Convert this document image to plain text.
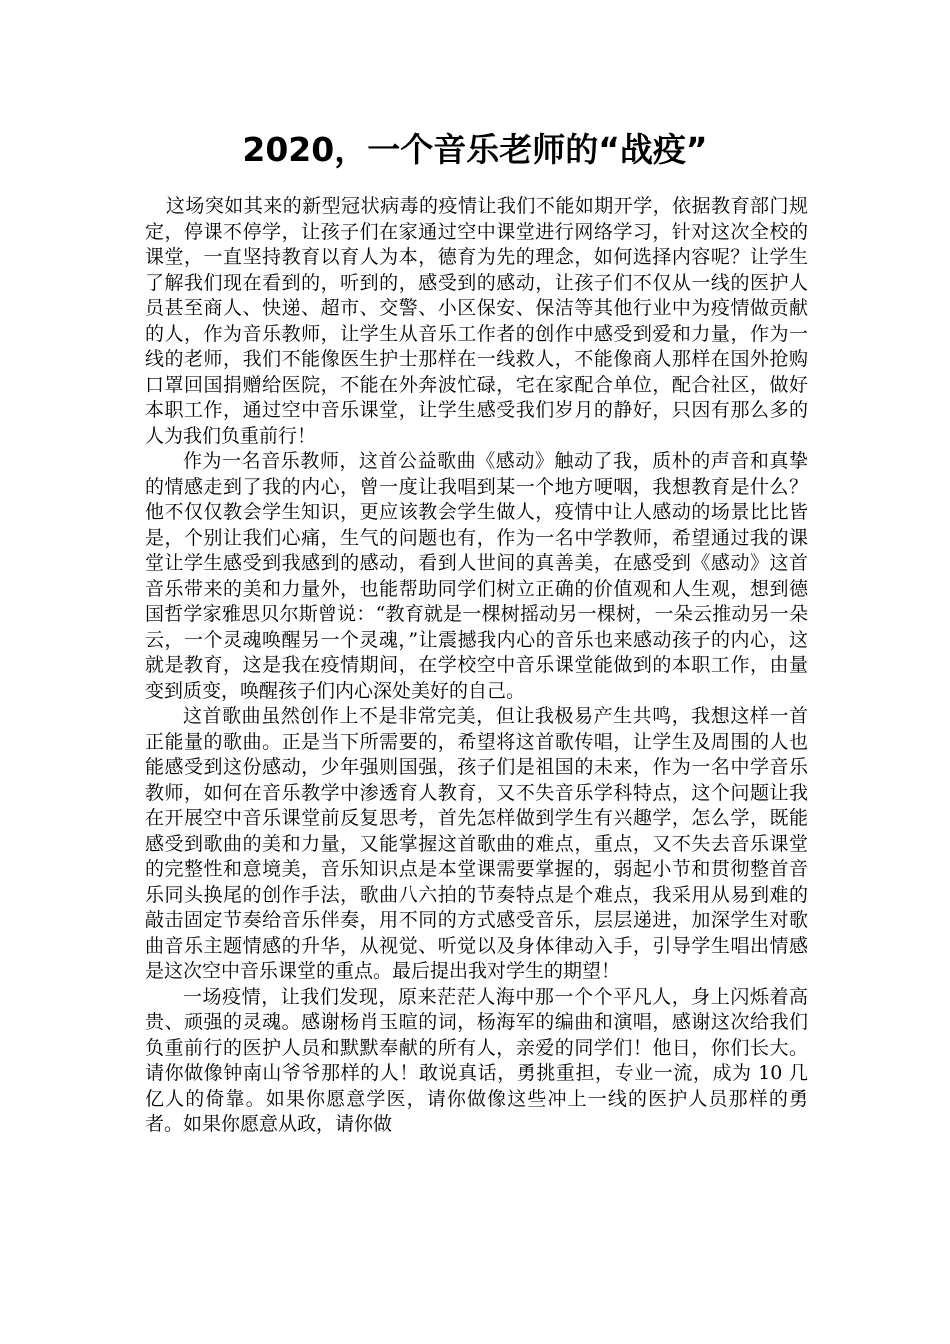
2020，一个音乐老师的“战疫”

这场突如其来的新型冠状病毒的疫情让我们不能如期开学，依据教育部门规定，停课不停学，让孩子们在家通过空中课堂进行网络学习，针对这次全校的课堂，一直坚持教育以育人为本，德育为先的理念，如何选择内容呢？让学生了解我们现在看到的，听到的，感受到的感动，让孩子们不仅从一线的医护人员甚至商人、快递、超市、交警、小区保安、保洁等其他行业中为疫情做贡献的人，作为音乐教师，让学生从音乐工作者的创作中感受到爱和力量，作为一线的老师，我们不能像医生护士那样在一线救人，不能像商人那样在国外抢购口罩回国捐赠给医院，不能在外奔波忙碌，宅在家配合单位，配合社区，做好本职工作，通过空中音乐课堂，让学生感受我们岁月的静好，只因有那么多的人为我们负重前行！

作为一名音乐教师，这首公益歌曲《感动》触动了我，质朴的声音和真挚的情感走到了我的内心，曾一度让我唱到某一个地方哽咽，我想教育是什么？他不仅仅教会学生知识，更应该教会学生做人，疫情中让人感动的场景比比皆是，个别让我们心痛，生气的问题也有，作为一名中学教师，希望通过我的课堂让学生感受到我感到的感动，看到人世间的真善美，在感受到《感动》这首音乐带来的美和力量外，也能帮助同学们树立正确的价值观和人生观，想到德国哲学家雅思贝尔斯曾说：“教育就是一棵树摇动另一棵树，一朵云推动另一朵云，一个灵魂唤醒另一个灵魂，”让震撼我内心的音乐也来感动孩子的内心，这就是教育，这是我在疫情期间，在学校空中音乐课堂能做到的本职工作，由量变到质变，唤醒孩子们内心深处美好的自己。

这首歌曲虽然创作上不是非常完美，但让我极易产生共鸣，我想这样一首正能量的歌曲。正是当下所需要的，希望将这首歌传唱，让学生及周围的人也能感受到这份感动，少年强则国强，孩子们是祖国的未来，作为一名中学音乐教师，如何在音乐教学中渗透育人教育，又不失音乐学科特点，这个问题让我在开展空中音乐课堂前反复思考，首先怎样做到学生有兴趣学，怎么学，既能感受到歌曲的美和力量，又能掌握这首歌曲的难点，重点，又不失去音乐课堂的完整性和意境美，音乐知识点是本堂课需要掌握的，弱起小节和贯彻整首音乐同头换尾的创作手法，歌曲八六拍的节奏特点是个难点，我采用从易到难的敲击固定节奏给音乐伴奏，用不同的方式感受音乐，层层递进，加深学生对歌曲音乐主题情感的升华，从视觉、听觉以及身体律动入手，引导学生唱出情感是这次空中音乐课堂的重点。最后提出我对学生的期望！

一场疫情，让我们发现，原来茫茫人海中那一个个平凡人，身上闪烁着高贵、顽强的灵魂。感谢杨肖玉暄的词，杨海军的编曲和演唱，感谢这次给我们负重前行的医护人员和默默奉献的所有人，亲爱的同学们！他日，你们长大。请你做像钟南山爷爷那样的人！敢说真话，勇挑重担，专业一流，成为 10 几亿人的倚靠。如果你愿意学医，请你做像这些冲上一线的医护人员那样的勇者。如果你愿意从政，请你做
